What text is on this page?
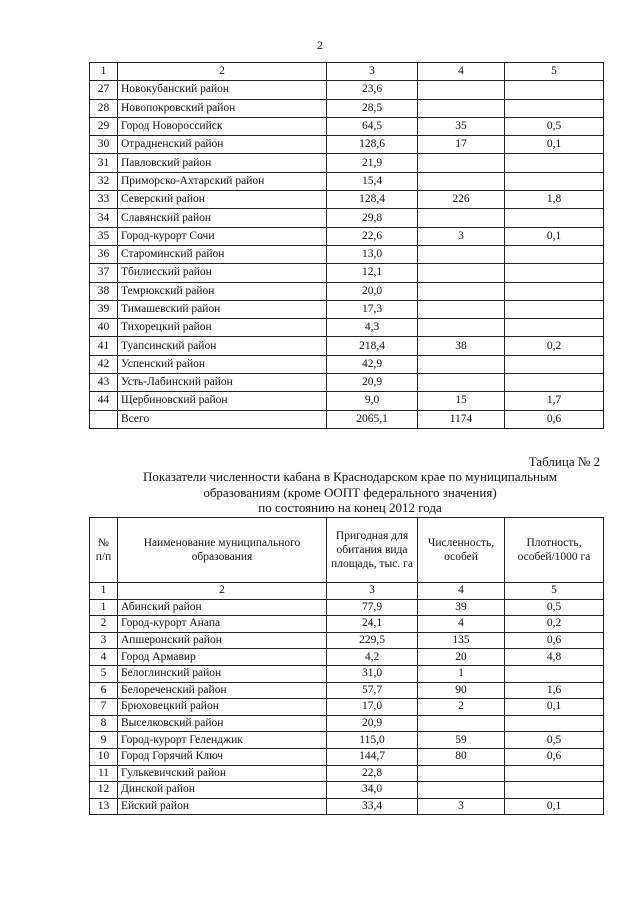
2
1	2	3	4	5
27	Новокубанский район	23,6		
28	Новопокровский район	28,5		
29	Город Новороссийск	64,5	35	0,5
30	Отрадненский район	128,6	17	0,1
31	Павловский район	21,9		
32	Приморско-Ахтарский район	15,4		
33	Северский район	128,4	226	1,8
34	Славянский район	29,8		
35	Город-курорт Сочи	22,6	3	0,1
36	Староминский район	13,0		
37	Тбилисский район	12,1		
38	Темрюкский район	20,0		
39	Тимашевский район	17,3		
40	Тихорецкий район	4,3		
41	Туапсинский район	218,4	38	0,2
42	Успенский район	42,9		
43	Усть-Лабинский район	20,9		
44	Щербиновский район	9,0	15	1,7
	Всего	2065,1	1174	0,6
Таблица № 2
Показатели численности кабана в Краснодарском крае по муниципальным
образованиям (кроме ООПТ федерального значения)
по состоянию на конец 2012 года
№ п/п	Наименование муниципального образования	Пригодная для обитания вида площадь, тыс. га	Численность, особей	Плотность, особей/1000 га
1	2	3	4	5
1	Абинский район	77,9	39	0,5
2	Город-курорт Анапа	24,1	4	0,2
3	Апшеронский район	229,5	135	0,6
4	Город Армавир	4,2	20	4,8
5	Белоглинский район	31,0	1	
6	Белореченский район	57,7	90	1,6
7	Брюховецкий район	17,0	2	0,1
8	Выселковский район	20,9		
9	Город-курорт Геленджик	115,0	59	0,5
10	Город Горячий Ключ	144,7	80	0,6
11	Гулькевичский район	22,8		
12	Динской район	34,0		
13	Ейский район	33,4	3	0,1
